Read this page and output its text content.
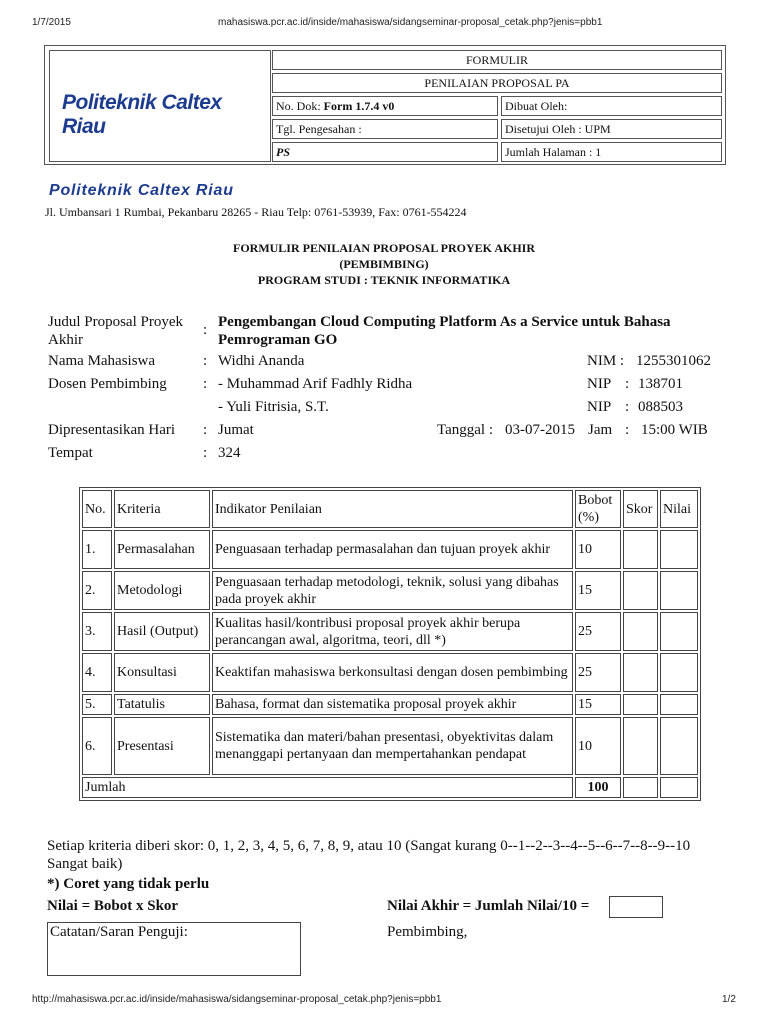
1/7/2015	mahasiswa.pcr.ac.id/inside/mahasiswa/sidangseminar-proposal_cetak.php?jenis=pbb1
Politeknik Caltex Riau
FORMULIR
PENILAIAN PROPOSAL PA
No. Dok: Form 1.7.4 v0	Dibuat Oleh:
Tgl. Pengesahan :	Disetujui Oleh : UPM
PS	Jumlah Halaman : 1
Politeknik Caltex Riau
Jl. Umbansari 1 Rumbai, Pekanbaru 28265 - Riau Telp: 0761-53939, Fax: 0761-554224
FORMULIR PENILAIAN PROPOSAL PROYEK AKHIR
(PEMBIMBING)
PROGRAM STUDI : TEKNIK INFORMATIKA
Judul Proposal Proyek Akhir
: Pengembangan Cloud Computing Platform As a Service untuk Bahasa Pemrograman GO
Nama Mahasiswa	: Widhi Ananda	NIM : 1255301062
Dosen Pembimbing : - Muhammad Arif Fadhly Ridha	NIP : 138701
- Yuli Fitrisia, S.T.	NIP : 088503
Dipresentasikan Hari : Jumat	Tanggal : 03-07-2015 Jam : 15:00 WIB
Tempat	: 324
No.	Kriteria	Indikator Penilaian	Bobot (%)	Skor	Nilai
1.	Permasalahan	Penguasaan terhadap permasalahan dan tujuan proyek akhir	10		
2.	Metodologi	Penguasaan terhadap metodologi, teknik, solusi yang dibahas pada proyek akhir	15		
3.	Hasil (Output)	Kualitas hasil/kontribusi proposal proyek akhir berupa perancangan awal, algoritma, teori, dll *)	25		
4.	Konsultasi	Keaktifan mahasiswa berkonsultasi dengan dosen pembimbing	25		
5.	Tatatulis	Bahasa, format dan sistematika proposal proyek akhir	15		
6.	Presentasi	Sistematika dan materi/bahan presentasi, obyektivitas dalam menanggapi pertanyaan dan mempertahankan pendapat	10		
Jumlah			100		
Setiap kriteria diberi skor: 0, 1, 2, 3, 4, 5, 6, 7, 8, 9, atau 10 (Sangat kurang 0--1--2--3--4--5--6--7--8--9--10 Sangat baik)
*) Coret yang tidak perlu
Nilai = Bobot x Skor	Nilai Akhir = Jumlah Nilai/10 =
Catatan/Saran Penguji:	Pembimbing,
http://mahasiswa.pcr.ac.id/inside/mahasiswa/sidangseminar-proposal_cetak.php?jenis=pbb1	1/2
